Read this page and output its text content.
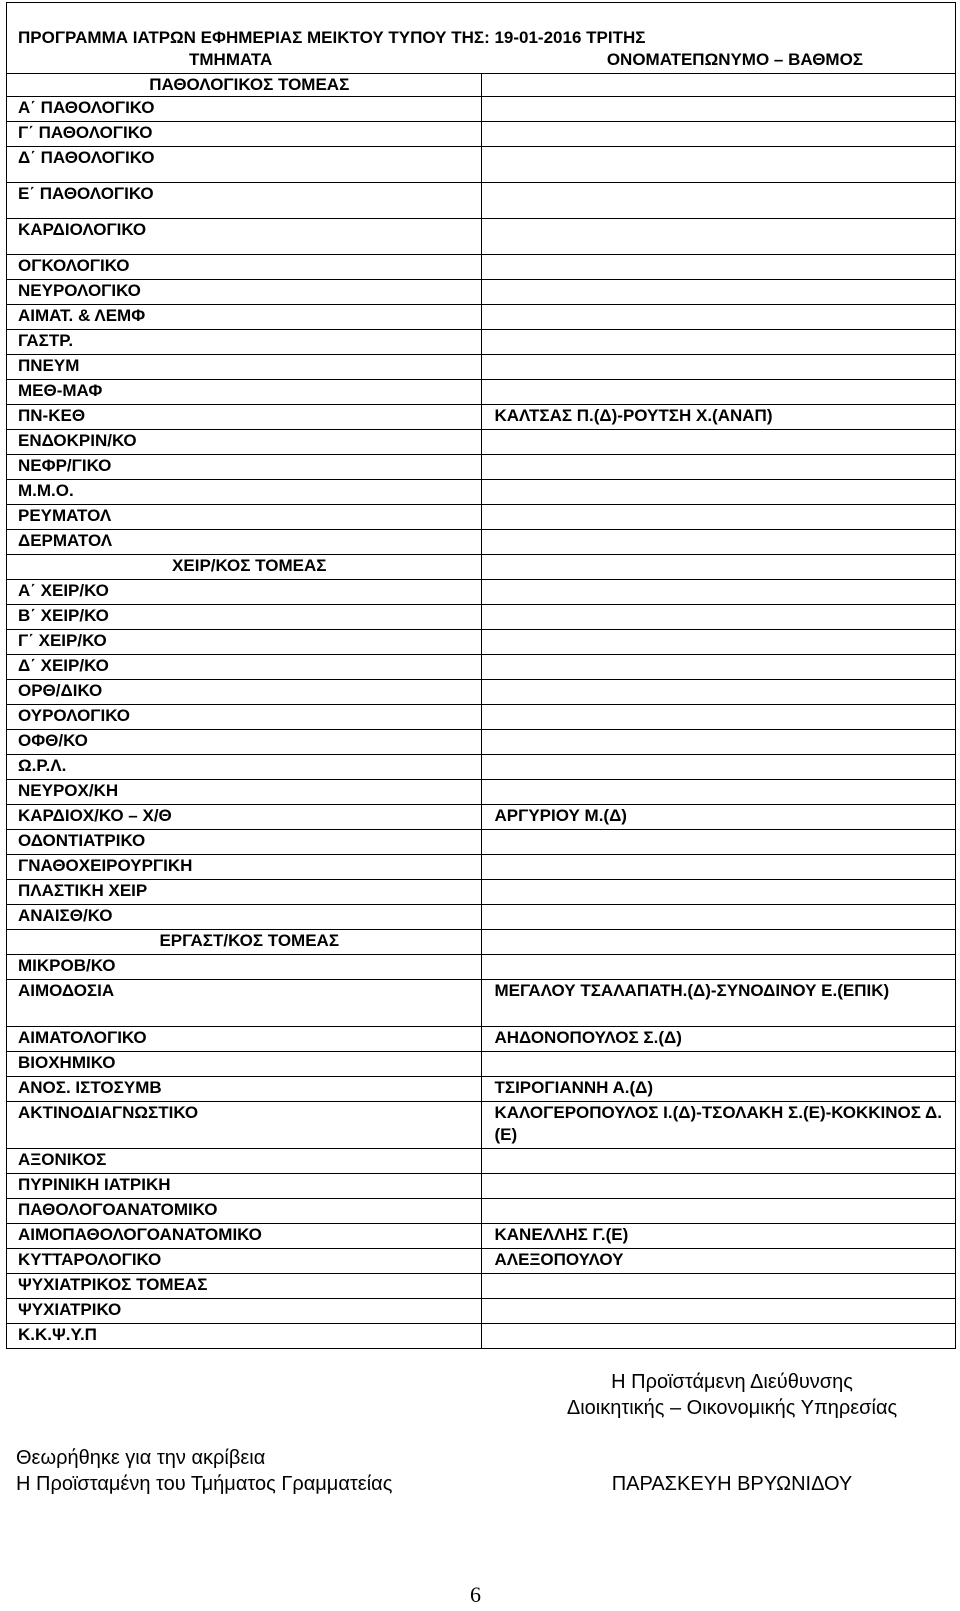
ΠΡΟΓΡΑΜΜΑ ΙΑΤΡΩΝ ΕΦΗΜΕΡΙΑΣ ΜΕΙΚΤΟΥ ΤΥΠΟΥ ΤΗΣ: 19-01-2016 ΤΡΙΤΗΣ	

ΤΜΗΜΑΤΑ ΟΝΟΜΑΤΕΠΩΝΥΜΟ – ΒΑΘΜΟΣ	

ΠΑΘΟΛΟΓΙΚΟΣ ΤΟΜΕΑΣ	
Α΄ ΠΑΘΟΛΟΓΙΚΟ	
Γ΄ ΠΑΘΟΛΟΓΙΚΟ	
Δ΄ ΠΑΘΟΛΟΓΙΚΟ	
Ε΄ ΠΑΘΟΛΟΓΙΚΟ	
ΚΑΡΔΙΟΛΟΓΙΚΟ	
ΟΓΚΟΛΟΓΙΚΟ	
ΝΕΥΡΟΛΟΓΙΚΟ	
ΑΙΜΑΤ. & ΛΕΜΦ	
ΓΑΣΤΡ.	
ΠΝΕΥΜ	
ΜΕΘ-ΜΑΦ	
ΠΝ-ΚΕΘ	ΚΑΛΤΣΑΣ Π.(Δ)-ΡΟΥΤΣΗ Χ.(ΑΝΑΠ)
ΕΝΔΟΚΡΙΝ/ΚΟ	
ΝΕΦΡ/ΓΙΚΟ	
Μ.Μ.Ο.	
ΡΕΥΜΑΤΟΛ	
ΔΕΡΜΑΤΟΛ	
ΧΕΙΡ/ΚΟΣ ΤΟΜΕΑΣ	
Α΄ ΧΕΙΡ/ΚΟ	
Β΄ ΧΕΙΡ/ΚΟ	
Γ΄ ΧΕΙΡ/ΚΟ	
Δ΄ ΧΕΙΡ/ΚΟ	
ΟΡΘ/ΔΙΚΟ	
ΟΥΡΟΛΟΓΙΚΟ	
ΟΦΘ/ΚΟ	
Ω.Ρ.Λ.	
ΝΕΥΡΟΧ/ΚΗ	
ΚΑΡΔΙΟΧ/ΚΟ – Χ/Θ	ΑΡΓΥΡΙΟΥ Μ.(Δ)
ΟΔΟΝΤΙΑΤΡΙΚΟ	
ΓΝΑΘΟΧΕΙΡΟΥΡΓΙΚΗ	
ΠΛΑΣΤΙΚΗ ΧΕΙΡ	
ΑΝΑΙΣΘ/ΚΟ	
ΕΡΓΑΣΤ/ΚΟΣ ΤΟΜΕΑΣ	
ΜΙΚΡΟΒ/ΚΟ	
ΑΙΜΟΔΟΣΙΑ	ΜΕΓΑΛΟΥ ΤΣΑΛΑΠΑΤΗ.(Δ)-ΣΥΝΟΔΙΝΟΥ Ε.(ΕΠΙΚ)
ΑΙΜΑΤΟΛΟΓΙΚΟ	ΑΗΔΟΝΟΠΟΥΛΟΣ Σ.(Δ)
ΒΙΟΧΗΜΙΚΟ	
ΑΝΟΣ. ΙΣΤΟΣΥΜΒ	ΤΣΙΡΟΓΙΑΝΝΗ Α.(Δ)
ΑΚΤΙΝΟΔΙΑΓΝΩΣΤΙΚΟ	ΚΑΛΟΓΕΡΟΠΟΥΛΟΣ Ι.(Δ)-ΤΣΟΛΑΚΗ Σ.(Ε)-ΚΟΚΚΙΝΟΣ Δ.(Ε)
ΑΞΟΝΙΚΟΣ	
ΠΥΡΙΝΙΚΗ ΙΑΤΡΙΚΗ	
ΠΑΘΟΛΟΓΟΑΝΑΤΟΜΙΚΟ	
ΑΙΜΟΠΑΘΟΛΟΓΟΑΝΑΤΟΜΙΚΟ	ΚΑΝΕΛΛΗΣ Γ.(Ε)
ΚΥΤΤΑΡΟΛΟΓΙΚΟ	ΑΛΕΞΟΠΟΥΛΟΥ
ΨΥΧΙΑΤΡΙΚΟΣ ΤΟΜΕΑΣ	
ΨΥΧΙΑΤΡΙΚΟ	
Κ.Κ.Ψ.Υ.Π	
Θεωρήθηκε για την ακρίβεια
Η Προϊσταμένη του Τμήματος Γραμματείας
Η Προϊστάμενη Διεύθυνσης
Διοικητικής – Οικονομικής Υπηρεσίας
ΠΑΡΑΣΚΕΥΗ ΒΡΥΩΝΙΔΟΥ
6
